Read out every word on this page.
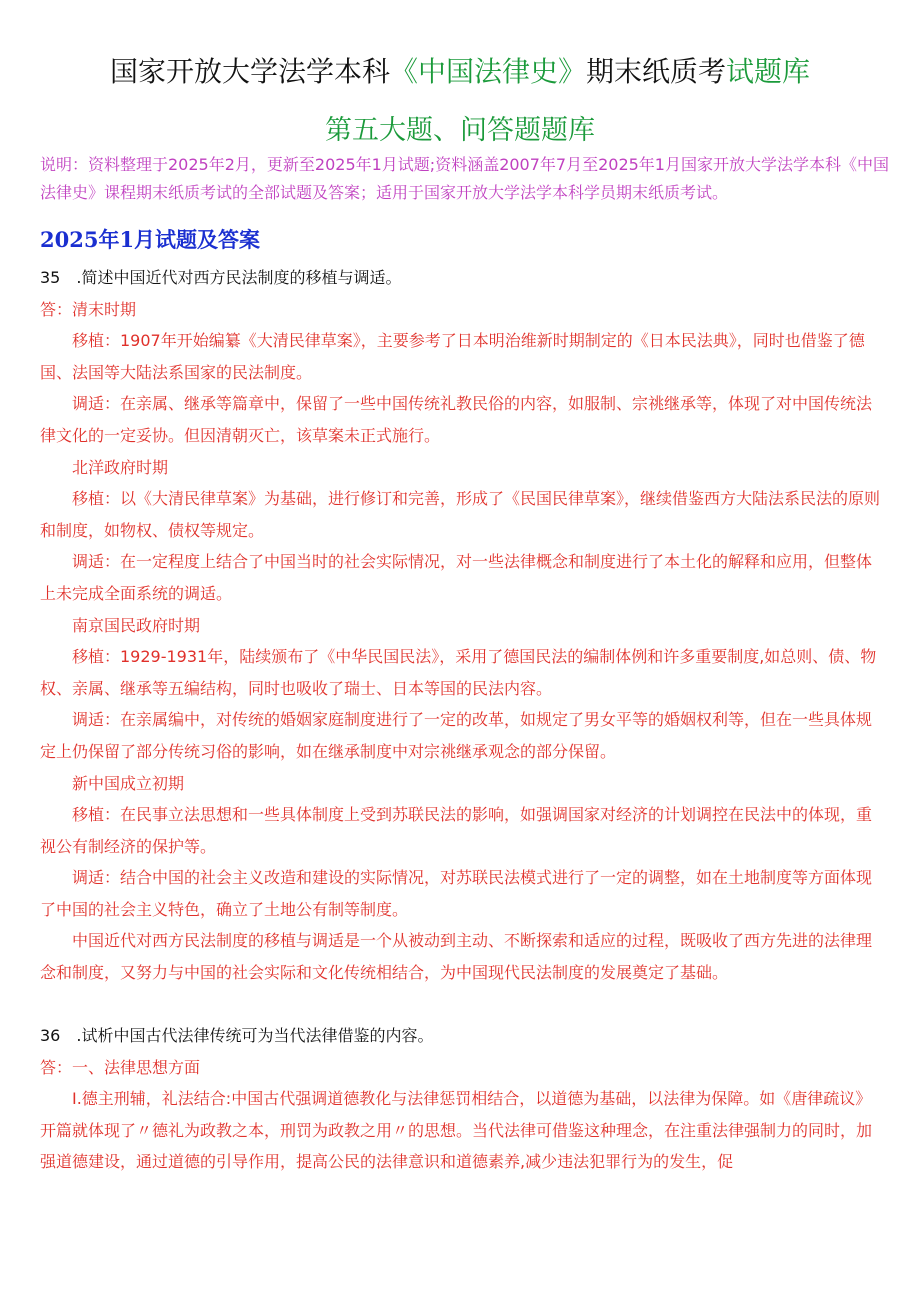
国家开放大学法学本科《中国法律史》期末纸质考试题库
第五大题、问答题题库
说明：资料整理于2025年2月，更新至2025年1月试题;资料涵盖2007年7月至2025年1月国家开放大学法学本科《中国法律史》课程期末纸质考试的全部试题及答案；适用于国家开放大学法学本科学员期末纸质考试。
2025年1月试题及答案

35　.简述中国近代对西方民法制度的移植与调适。

答：清末时期

移植：1907年开始编纂《大清民律草案》，主要参考了日本明治维新时期制定的《日本民法典》，同时也借鉴了德国、法国等大陆法系国家的民法制度。

调适：在亲属、继承等篇章中，保留了一些中国传统礼教民俗的内容，如服制、宗祧继承等，体现了对中国传统法律文化的一定妥协。但因清朝灭亡，该草案未正式施行。

北洋政府时期

移植：以《大清民律草案》为基础，进行修订和完善，形成了《民国民律草案》，继续借鉴西方大陆法系民法的原则和制度，如物权、债权等规定。

调适：在一定程度上结合了中国当时的社会实际情况，对一些法律概念和制度进行了本土化的解释和应用，但整体上未完成全面系统的调适。

南京国民政府时期

移植：1929-1931年，陆续颁布了《中华民国民法》，采用了德国民法的编制体例和许多重要制度,如总则、债、物权、亲属、继承等五编结构，同时也吸收了瑞士、日本等国的民法内容。

调适：在亲属编中，对传统的婚姻家庭制度进行了一定的改革，如规定了男女平等的婚姻权利等，但在一些具体规定上仍保留了部分传统习俗的影响，如在继承制度中对宗祧继承观念的部分保留。

新中国成立初期

移植：在民事立法思想和一些具体制度上受到苏联民法的影响，如强调国家对经济的计划调控在民法中的体现，重视公有制经济的保护等。

调适：结合中国的社会主义改造和建设的实际情况，对苏联民法模式进行了一定的调整，如在土地制度等方面体现了中国的社会主义特色，确立了土地公有制等制度。

中国近代对西方民法制度的移植与调适是一个从被动到主动、不断探索和适应的过程，既吸收了西方先进的法律理念和制度，又努力与中国的社会实际和文化传统相结合，为中国现代民法制度的发展奠定了基础。

36　.试析中国古代法律传统可为当代法律借鉴的内容。

答：一、法律思想方面

Ⅰ.德主刑辅，礼法结合:中国古代强调道德教化与法律惩罚相结合，以道德为基础，以法律为保障。如《唐律疏议》开篇就体现了〃德礼为政教之本，刑罚为政教之用〃的思想。当代法律可借鉴这种理念，在注重法律强制力的同时，加强道德建设，通过道德的引导作用，提高公民的法律意识和道德素养,减少违法犯罪行为的发生，促
